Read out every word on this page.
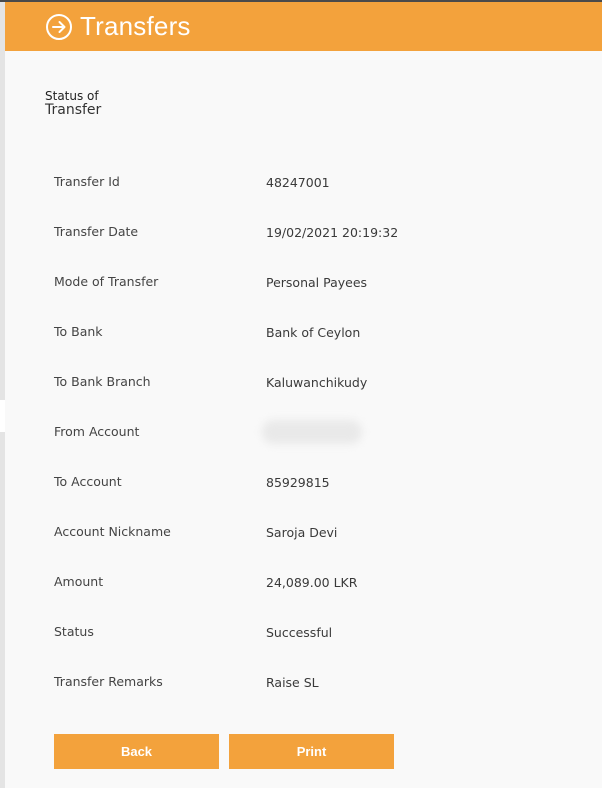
Transfers
Status of
Transfer
Transfer Id	48247001
Transfer Date	19/02/2021 20:19:32
Mode of Transfer	Personal Payees
To Bank	Bank of Ceylon
To Bank Branch	Kaluwanchikudy
From Account
To Account	85929815
Account Nickname	Saroja Devi
Amount	24,089.00 LKR
Status	Successful
Transfer Remarks	Raise SL
Back	Print
